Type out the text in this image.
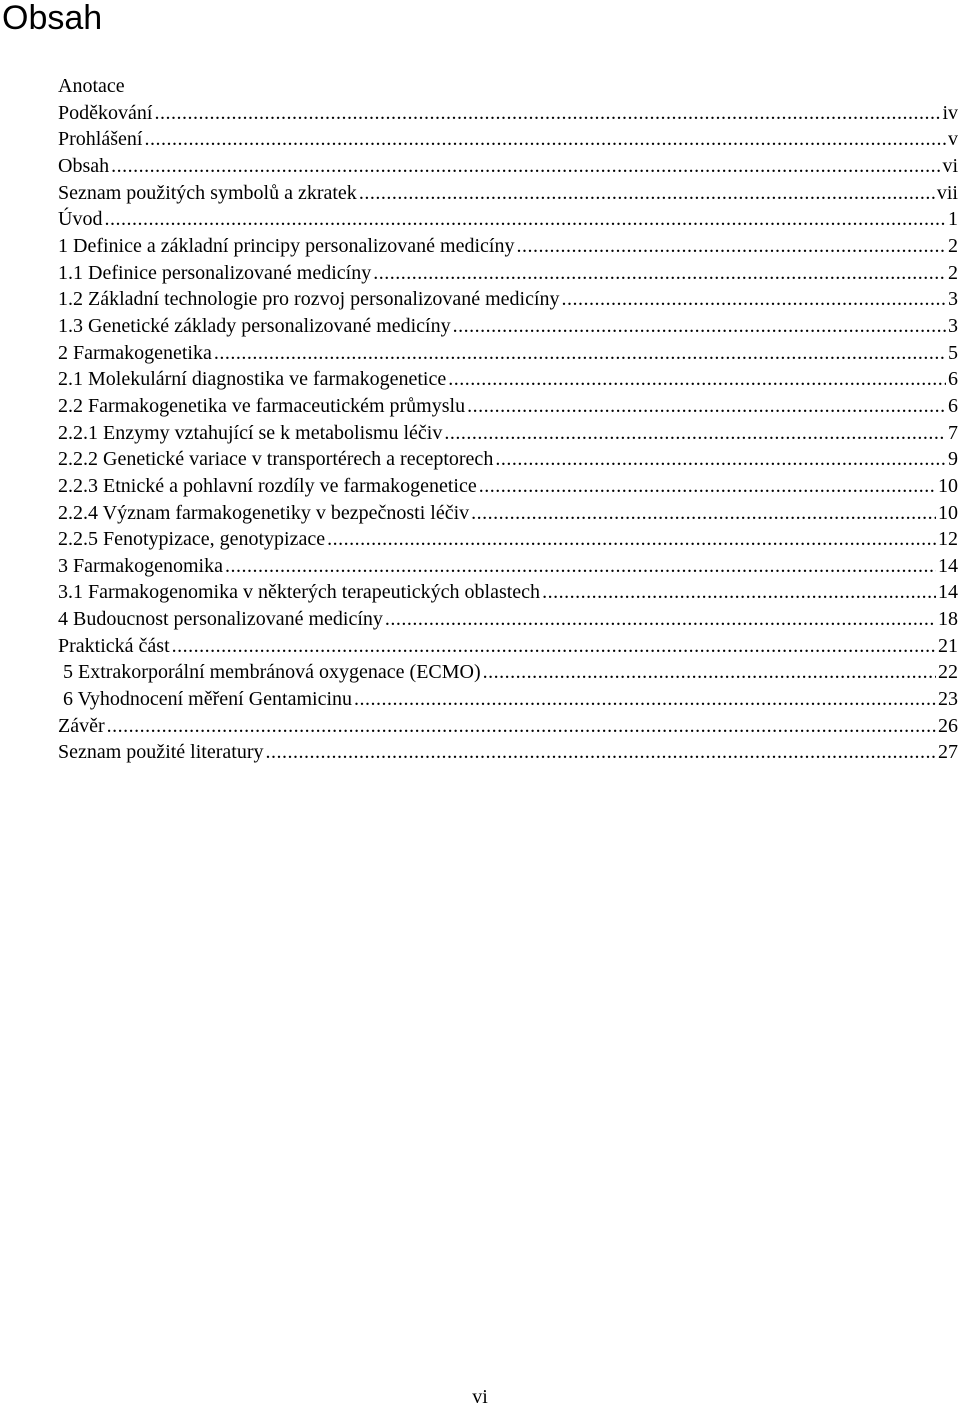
Obsah
Anotace
Poděkování .....	iv
Prohlášení .....	v
Obsah .....	vi
Seznam použitých symbolů a zkratek .....	vii
Úvod .....	1
1 Definice a základní principy personalizované medicíny .....	2
1.1 Definice personalizované medicíny .....	2
1.2 Základní technologie pro rozvoj personalizované medicíny .....	3
1.3 Genetické základy personalizované medicíny .....	3
2 Farmakogenetika .....	5
2.1 Molekulární diagnostika ve farmakogenetice .....	6
2.2 Farmakogenetika ve farmaceutickém průmyslu .....	6
2.2.1 Enzymy vztahující se k metabolismu léčiv .....	7
2.2.2 Genetické variace v transportérech a receptorech .....	9
2.2.3 Etnické a pohlavní rozdíly ve farmakogenetice .....	10
2.2.4 Význam farmakogenetiky v bezpečnosti léčiv .....	10
2.2.5 Fenotypizace, genotypizace .....	12
3 Farmakogenomika .....	14
3.1 Farmakogenomika v některých terapeutických oblastech .....	14
4 Budoucnost personalizované medicíny .....	18
Praktická část .....	21
5 Extrakorporální membránová oxygenace (ECMO) .....	22
6 Vyhodnocení měření Gentamicinu .....	23
Závěr .....	26
Seznam použité literatury .....	27
vi
